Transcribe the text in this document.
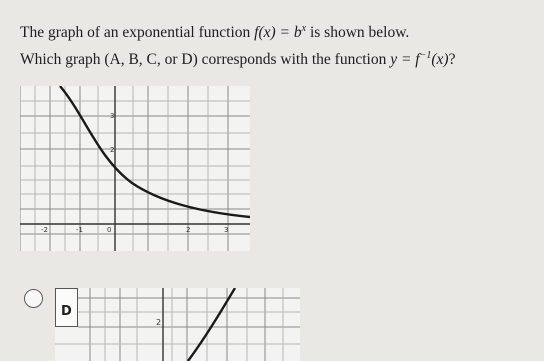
The graph of an exponential function $f(x) = b^x$ is shown below.
Which graph (A, B, C, or D) corresponds with the function $y = f^{-1}(x)$?
-2	-1	0	2	3
3
2
D
2
